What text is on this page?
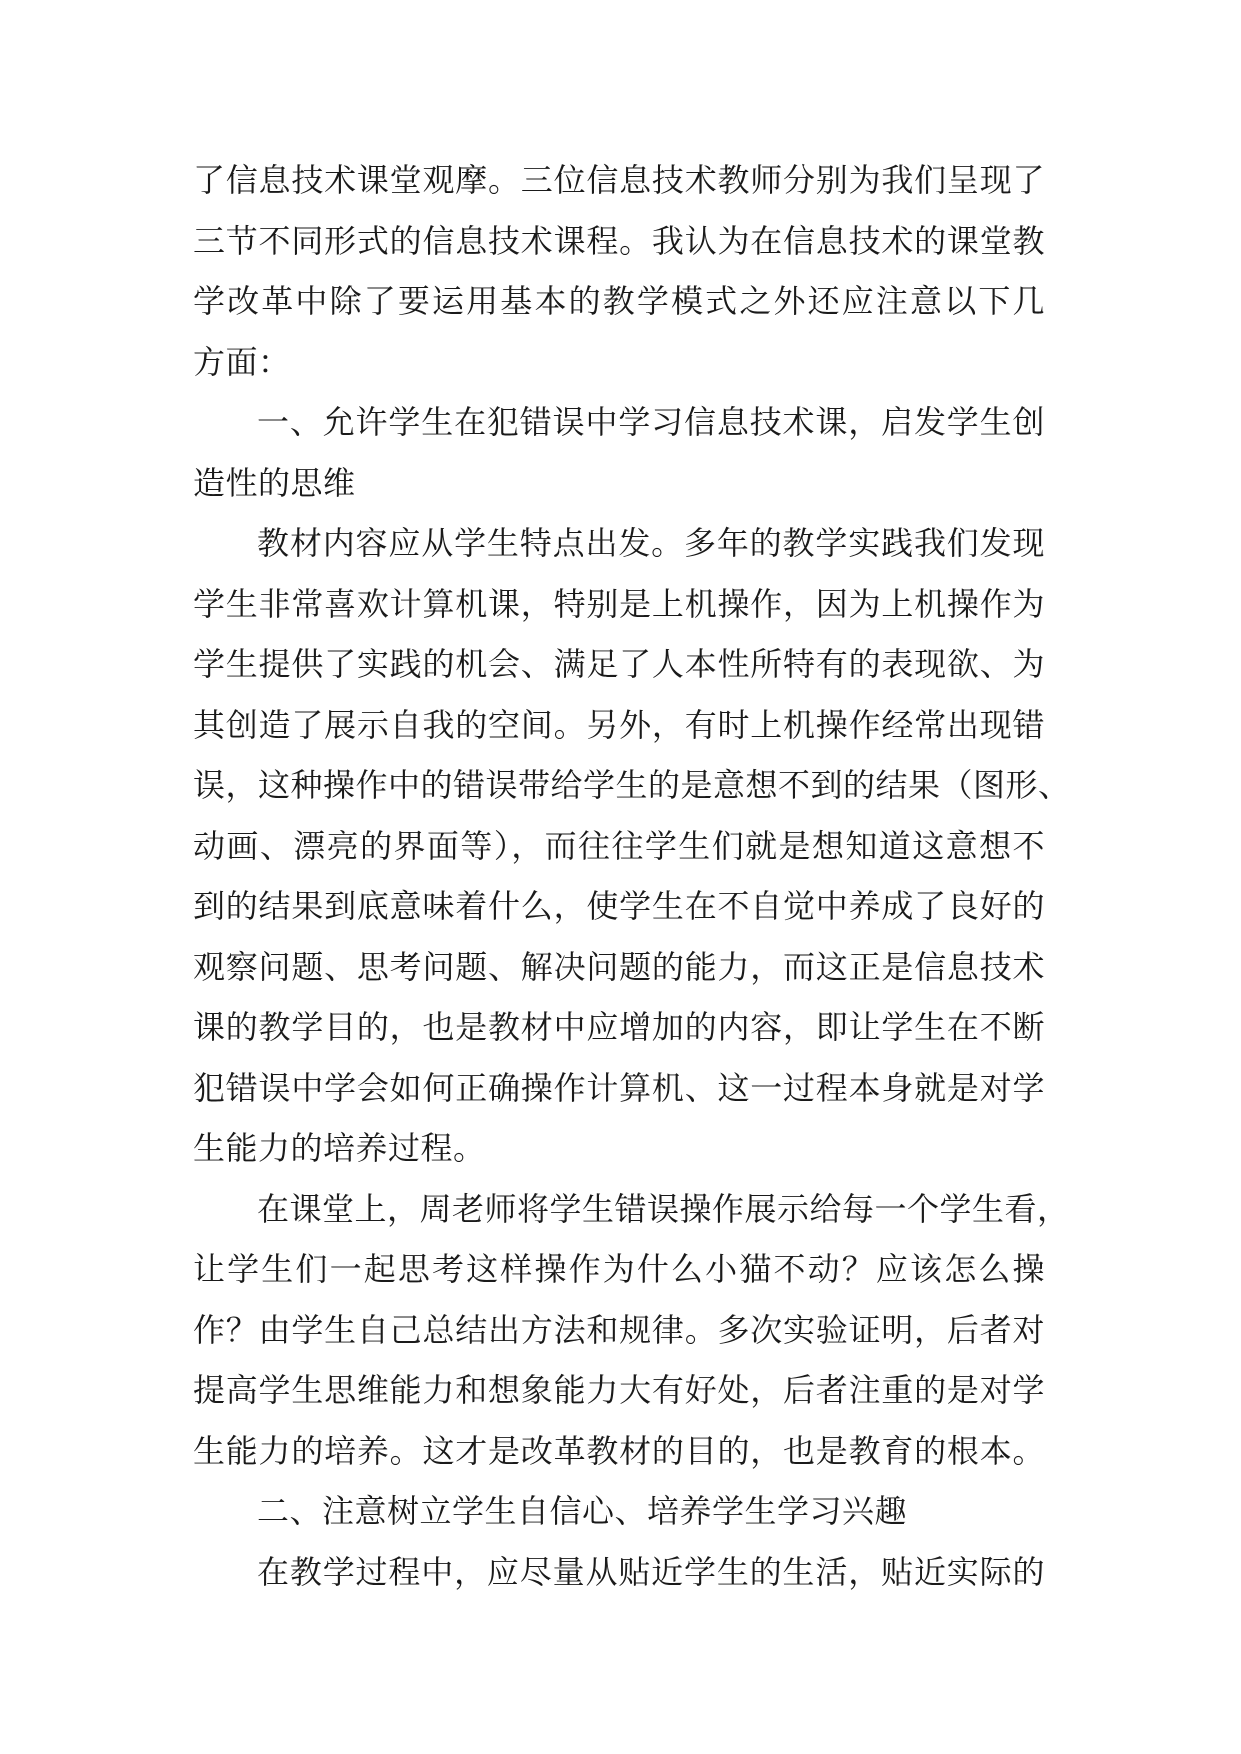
了信息技术课堂观摩。三位信息技术教师分别为我们呈现了
三节不同形式的信息技术课程。我认为在信息技术的课堂教
学改革中除了要运用基本的教学模式之外还应注意以下几
方面：
一、允许学生在犯错误中学习信息技术课，启发学生创
造性的思维
教材内容应从学生特点出发。多年的教学实践我们发现
学生非常喜欢计算机课，特别是上机操作，因为上机操作为
学生提供了实践的机会、满足了人本性所特有的表现欲、为
其创造了展示自我的空间。另外，有时上机操作经常出现错
误，这种操作中的错误带给学生的是意想不到的结果（图形、
动画、漂亮的界面等），而往往学生们就是想知道这意想不
到的结果到底意味着什么，使学生在不自觉中养成了良好的
观察问题、思考问题、解决问题的能力，而这正是信息技术
课的教学目的，也是教材中应增加的内容，即让学生在不断
犯错误中学会如何正确操作计算机、这一过程本身就是对学
生能力的培养过程。
在课堂上，周老师将学生错误操作展示给每一个学生看，
让学生们一起思考这样操作为什么小猫不动？应该怎么操
作？由学生自己总结出方法和规律。多次实验证明，后者对
提高学生思维能力和想象能力大有好处，后者注重的是对学
生能力的培养。这才是改革教材的目的，也是教育的根本。
二、注意树立学生自信心、培养学生学习兴趣
在教学过程中，应尽量从贴近学生的生活，贴近实际的
